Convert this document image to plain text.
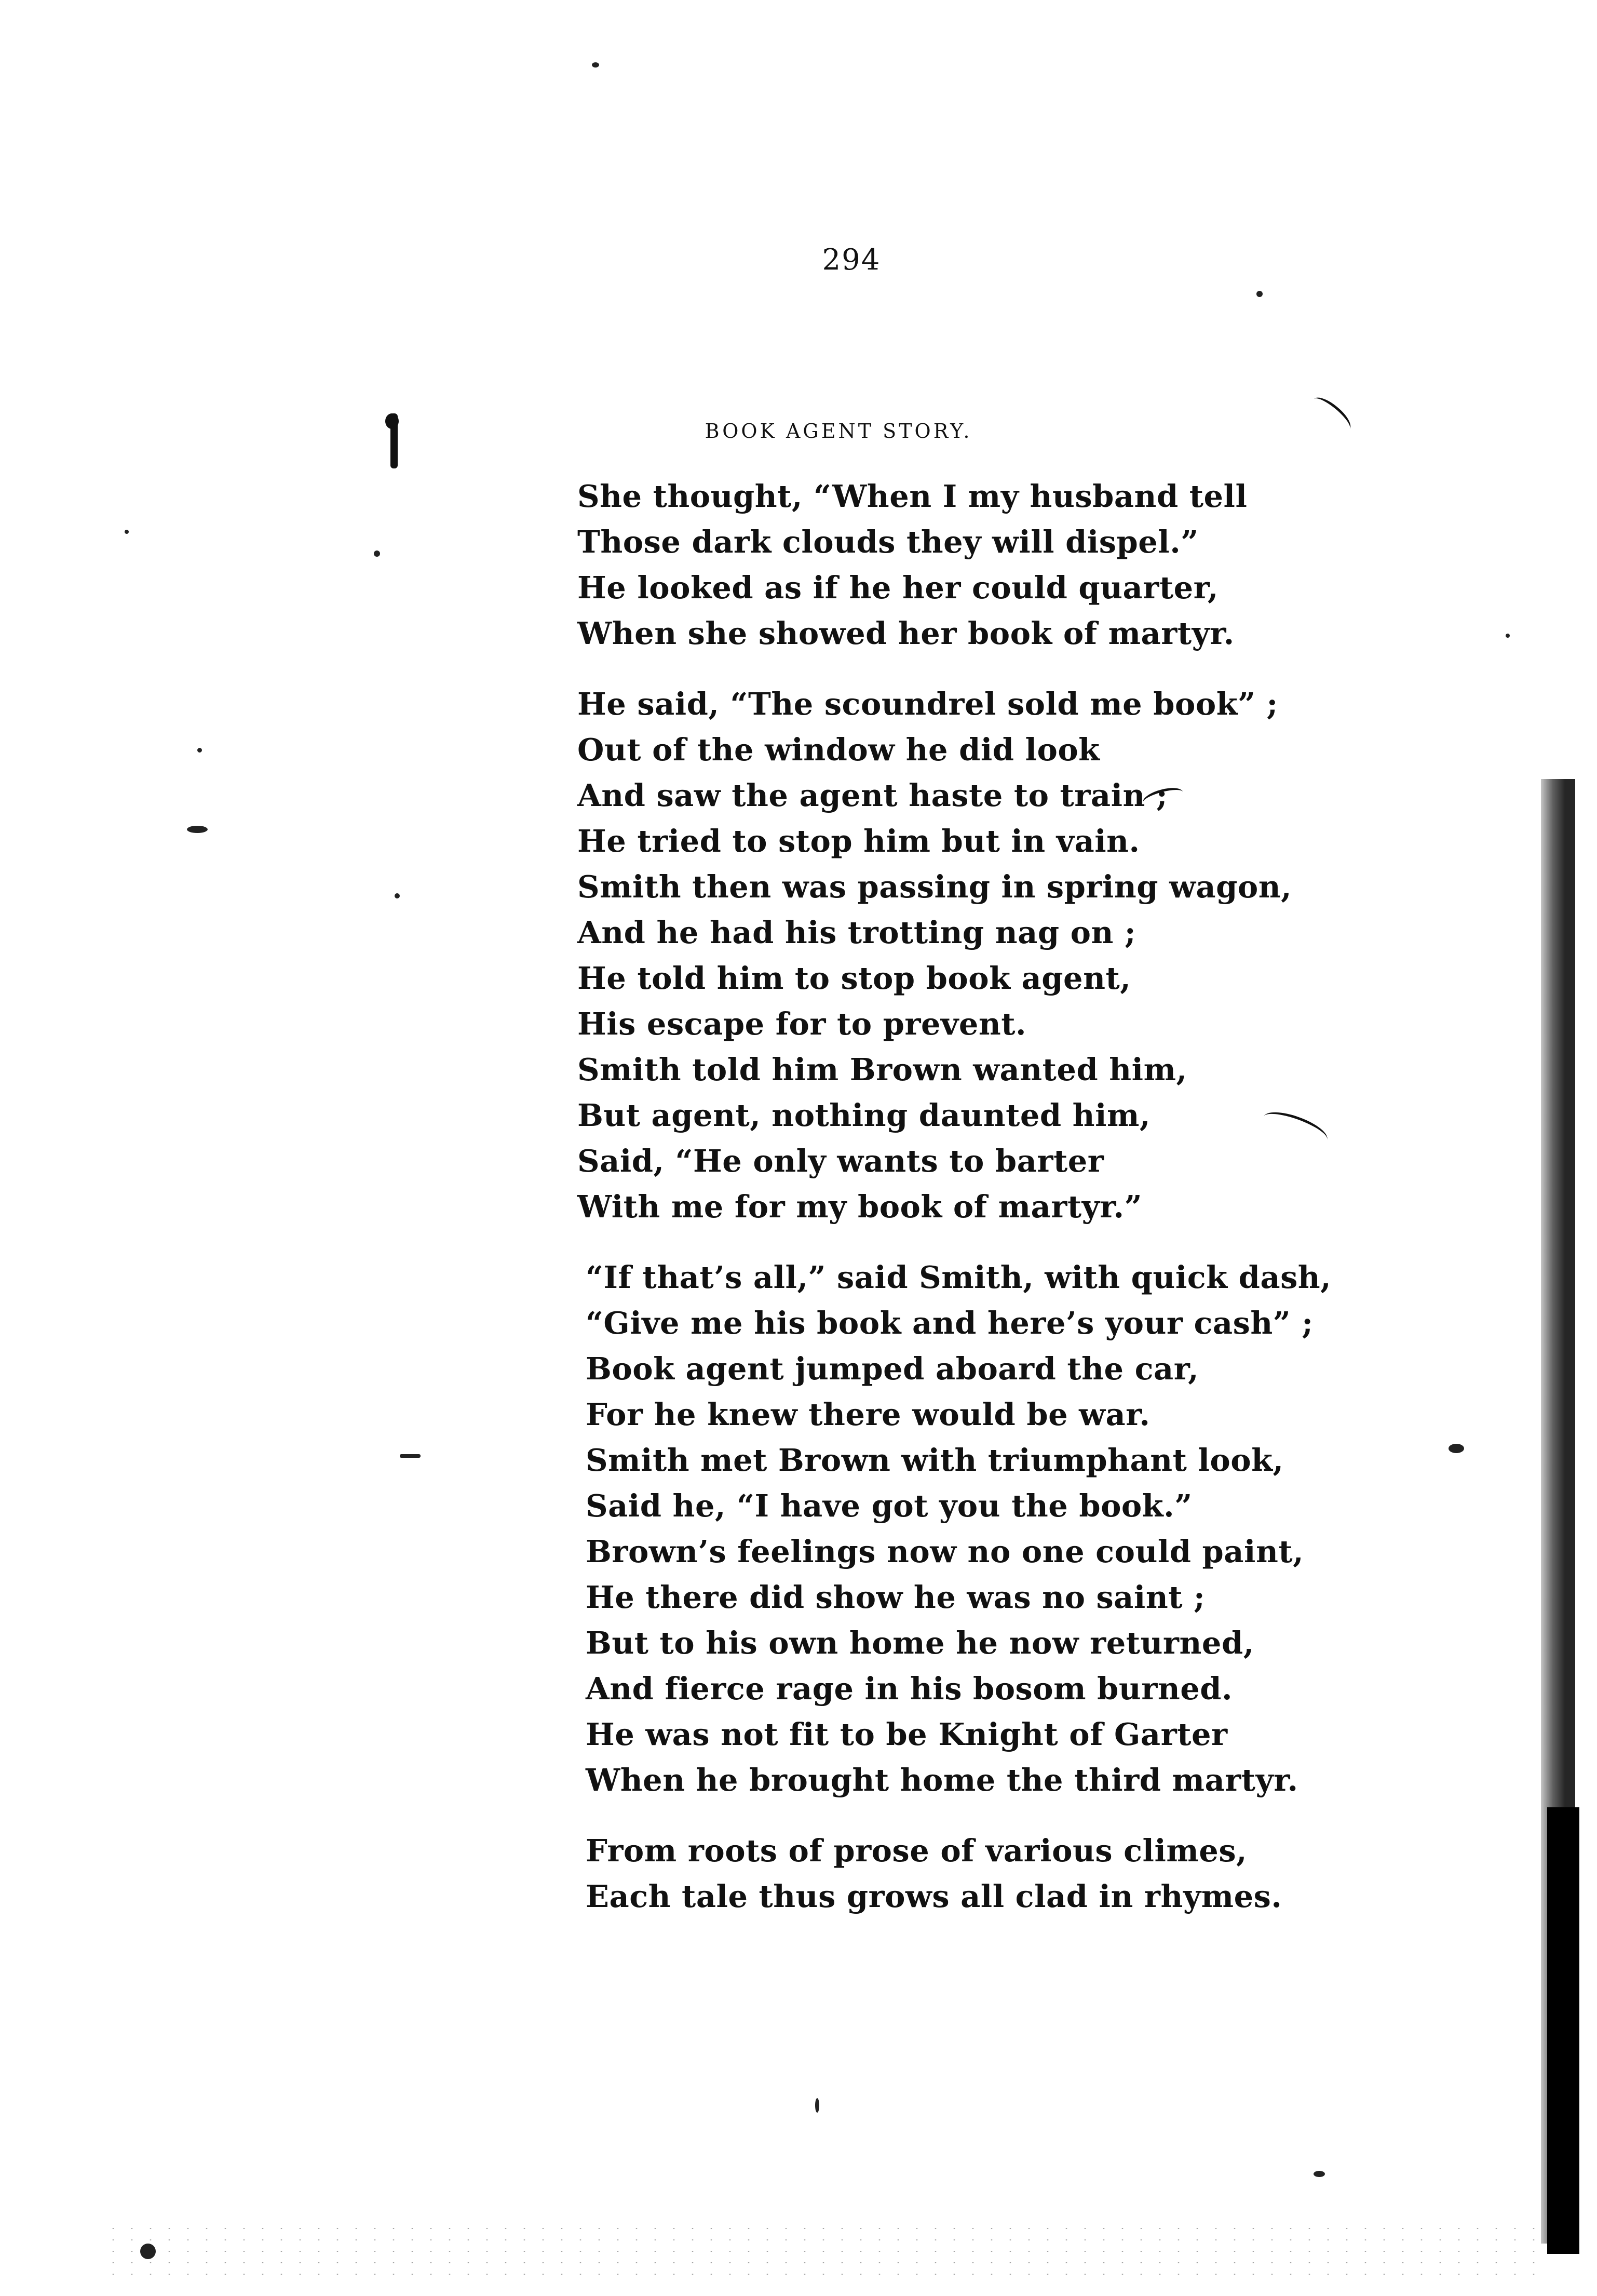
294
BOOK AGENT STORY.
She thought, “When I my husband tell
Those dark clouds they will dispel.”
He looked as if he her could quarter,
When she showed her book of martyr.
He said, “The scoundrel sold me book” ;
Out of the window he did look
And saw the agent haste to train ;
He tried to stop him but in vain.
Smith then was passing in spring wagon,
And he had his trotting nag on ;
He told him to stop book agent,
His escape for to prevent.
Smith told him Brown wanted him,
But agent, nothing daunted him,
Said, “He only wants to barter
With me for my book of martyr.”
“If that’s all,” said Smith, with quick dash,
“Give me his book and here’s your cash” ;
Book agent jumped aboard the car,
For he knew there would be war.
Smith met Brown with triumphant look,
Said he, “I have got you the book.”
Brown’s feelings now no one could paint,
He there did show he was no saint ;
But to his own home he now returned,
And fierce rage in his bosom burned.
He was not fit to be Knight of Garter
When he brought home the third martyr.
From roots of prose of various climes,
Each tale thus grows all clad in rhymes.
